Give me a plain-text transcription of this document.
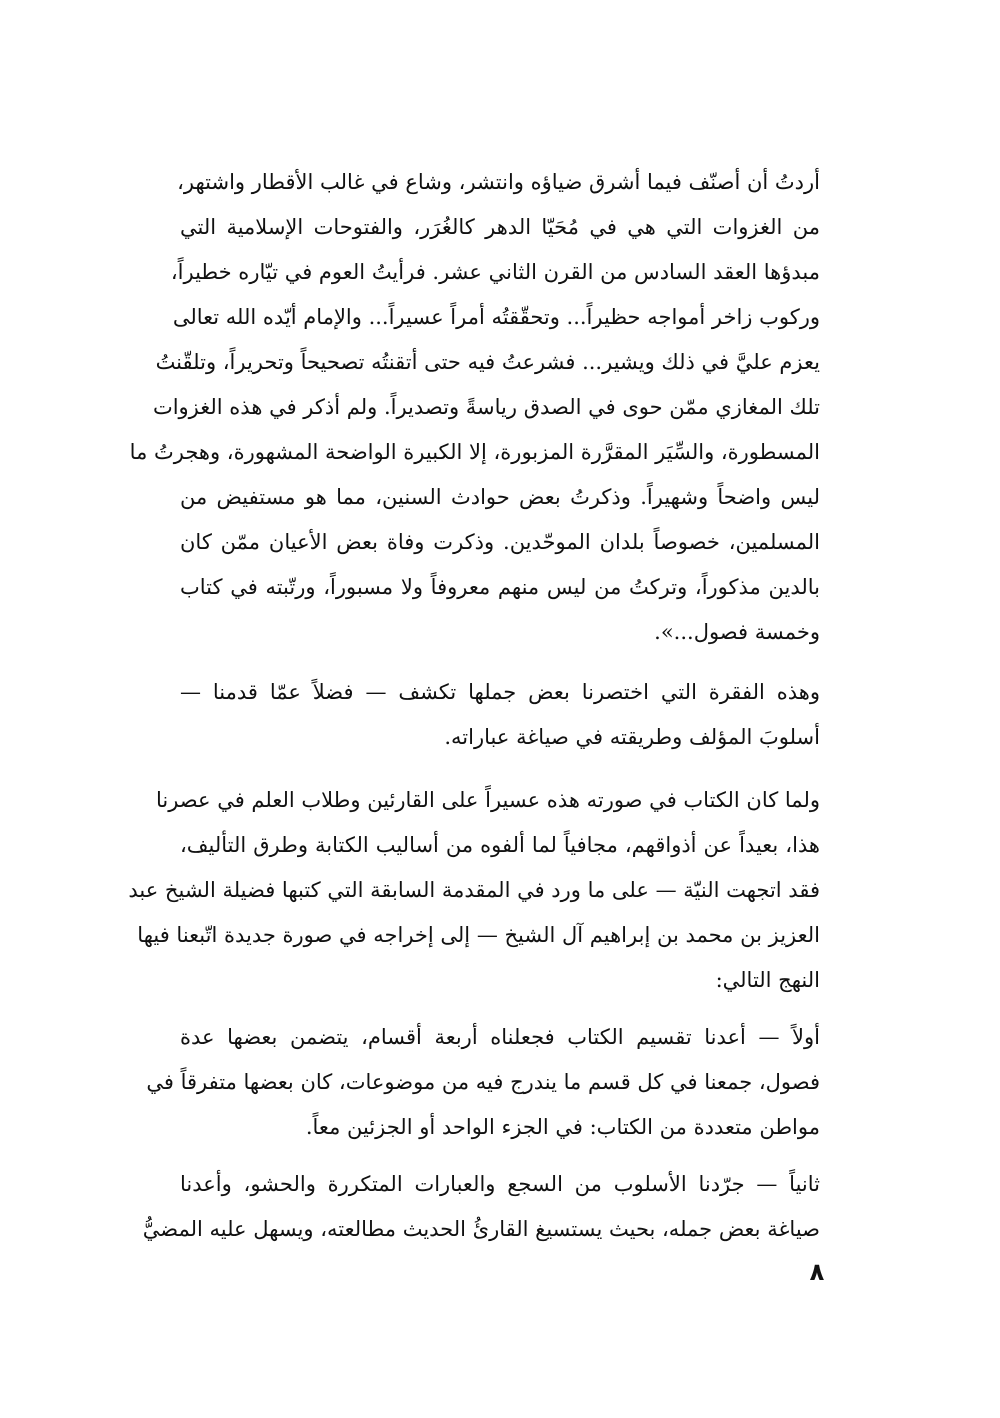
أردتُ أن أصنّف فيما أشرق ضياؤه وانتشر، وشاع في غالب الأقطار واشتهر،
من الغزوات التي هي في مُحَيّا الدهر كالغُرَر، والفتوحات الإسلامية التي
مبدؤها العقد السادس من القرن الثاني عشر. فرأيتُ العوم في تيّاره خطيراً،
وركوب زاخر أمواجه حظيراً... وتحقّقتُه أمراً عسيراً... والإمام أيّده الله تعالى
يعزم عليَّ في ذلك ويشير... فشرعتُ فيه حتى أتقنتُه تصحيحاً وتحريراً، وتلقّنتُ
تلك المغازي ممّن حوى في الصدق رياسةً وتصديراً. ولم أذكر في هذه الغزوات
المسطورة، والسِّيَر المقرَّرة المزبورة، إلا الكبيرة الواضحة المشهورة، وهجرتُ ما
ليس واضحاً وشهيراً. وذكرتُ بعض حوادث السنين، مما هو مستفيض من
المسلمين، خصوصاً بلدان الموحّدين. وذكرت وفاة بعض الأعيان ممّن كان
بالدين مذكوراً، وتركتُ من ليس منهم معروفاً ولا مسبوراً، ورتّبته في كتاب
وخمسة فصول...».
وهذه الفقرة التي اختصرنا بعض جملها تكشف — فضلاً عمّا قدمنا —
أسلوبَ المؤلف وطريقته في صياغة عباراته.
ولما كان الكتاب في صورته هذه عسيراً على القارئين وطلاب العلم في عصرنا
هذا، بعيداً عن أذواقهم، مجافياً لما ألفوه من أساليب الكتابة وطرق التأليف،
فقد اتجهت النيّة — على ما ورد في المقدمة السابقة التي كتبها فضيلة الشيخ عبد
العزيز بن محمد بن إبراهيم آل الشيخ — إلى إخراجه في صورة جديدة اتّبعنا فيها
النهج التالي:
أولاً — أعدنا تقسيم الكتاب فجعلناه أربعة أقسام، يتضمن بعضها عدة
فصول، جمعنا في كل قسم ما يندرج فيه من موضوعات، كان بعضها متفرقاً في
مواطن متعددة من الكتاب: في الجزء الواحد أو الجزئين معاً.
ثانياً — جرّدنا الأسلوب من السجع والعبارات المتكررة والحشو، وأعدنا
صياغة بعض جمله، بحيث يستسيغ القارئُ الحديث مطالعته، ويسهل عليه المضيُّ
٨
